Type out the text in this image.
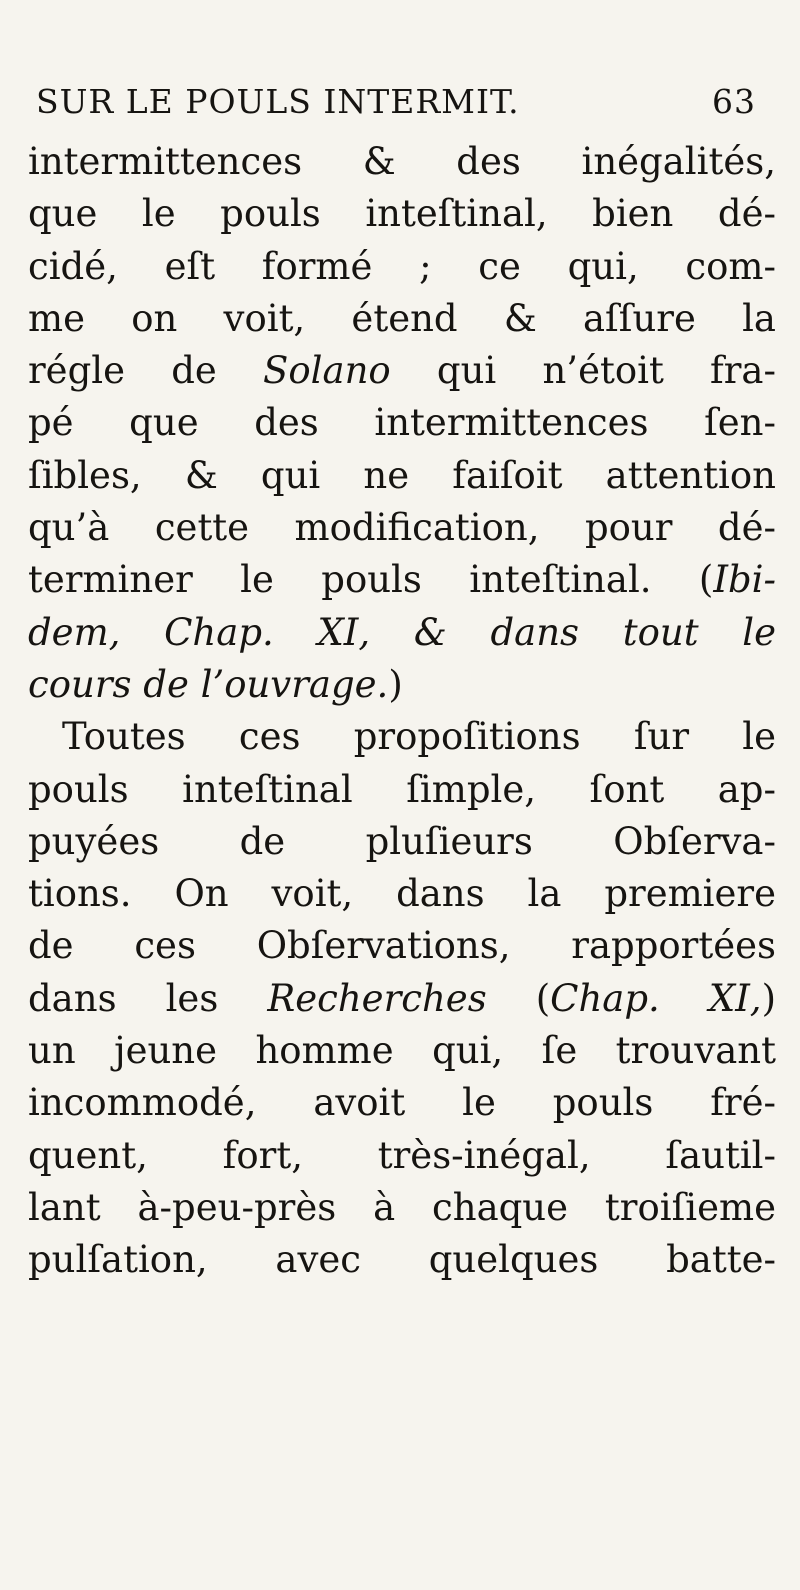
SUR LE POULS INTERMIT.	63
intermittences & des inégalités,
que le pouls inteſtinal, bien dé-
cidé, eſt formé ; ce qui, com-
me on voit, étend & aſſure la
régle de Solano qui n’étoit fra-
pé que des intermittences ſen-
ſibles, & qui ne faiſoit attention
qu’à cette modification, pour dé-
terminer le pouls inteſtinal. (Ibi-
dem, Chap. XI, & dans tout le
cours de l’ouvrage.)
Toutes ces propoſitions ſur le
pouls inteſtinal ſimple, ſont ap-
puyées de pluſieurs Obſerva-
tions. On voit, dans la premiere
de ces Obſervations, rapportées
dans les Recherches (Chap. XI,)
un jeune homme qui, ſe trouvant
incommodé, avoit le pouls fré-
quent, fort, très-inégal, ſautil-
lant à-peu-près à chaque troiſieme
pulſation, avec quelques batte-
